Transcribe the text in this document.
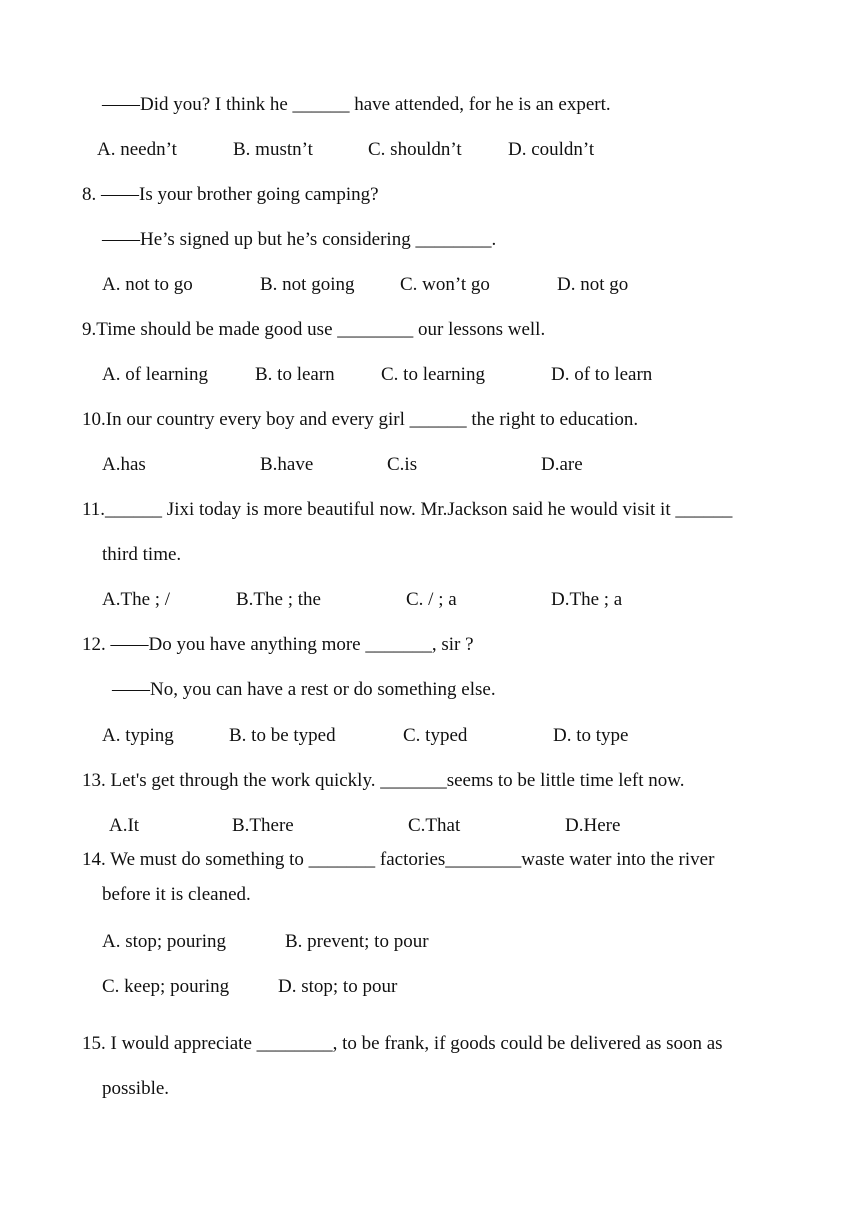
——Did you? I think he ______ have attended, for he is an expert.
A. needn’t	B. mustn’t	C. shouldn’t D. couldn’t
8. ——Is your brother going camping?
——He’s signed up but he’s considering ________.
A. not to go	B. not going C. won’t go	D. not go
9.Time should be made good use ________ our lessons well.
A. of learning B. to learn C. to learning	D. of to learn
10.In our country every boy and every girl ______ the right to education.
A.has	B.have	C.is	D.are
11.______ Jixi today is more beautiful now. Mr.Jackson said he would visit it ______
third time.
A.The ; /	B.The ; the	C. / ; a	D.The ; a
12. ——Do you have anything more _______, sir ?
——No, you can have a rest or do something else.
A. typing	B. to be typed	C. typed	D. to type
13. Let's get through the work quickly. _______seems to be little time left now.
A.It	B.There	C.That	D.Here
14. We must do something to _______ factories________waste water into the river
before it is cleaned.
A. stop; pouring	B. prevent; to pour
C. keep; pouring	D. stop; to pour
15. I would appreciate ________, to be frank, if goods could be delivered as soon as
possible.
